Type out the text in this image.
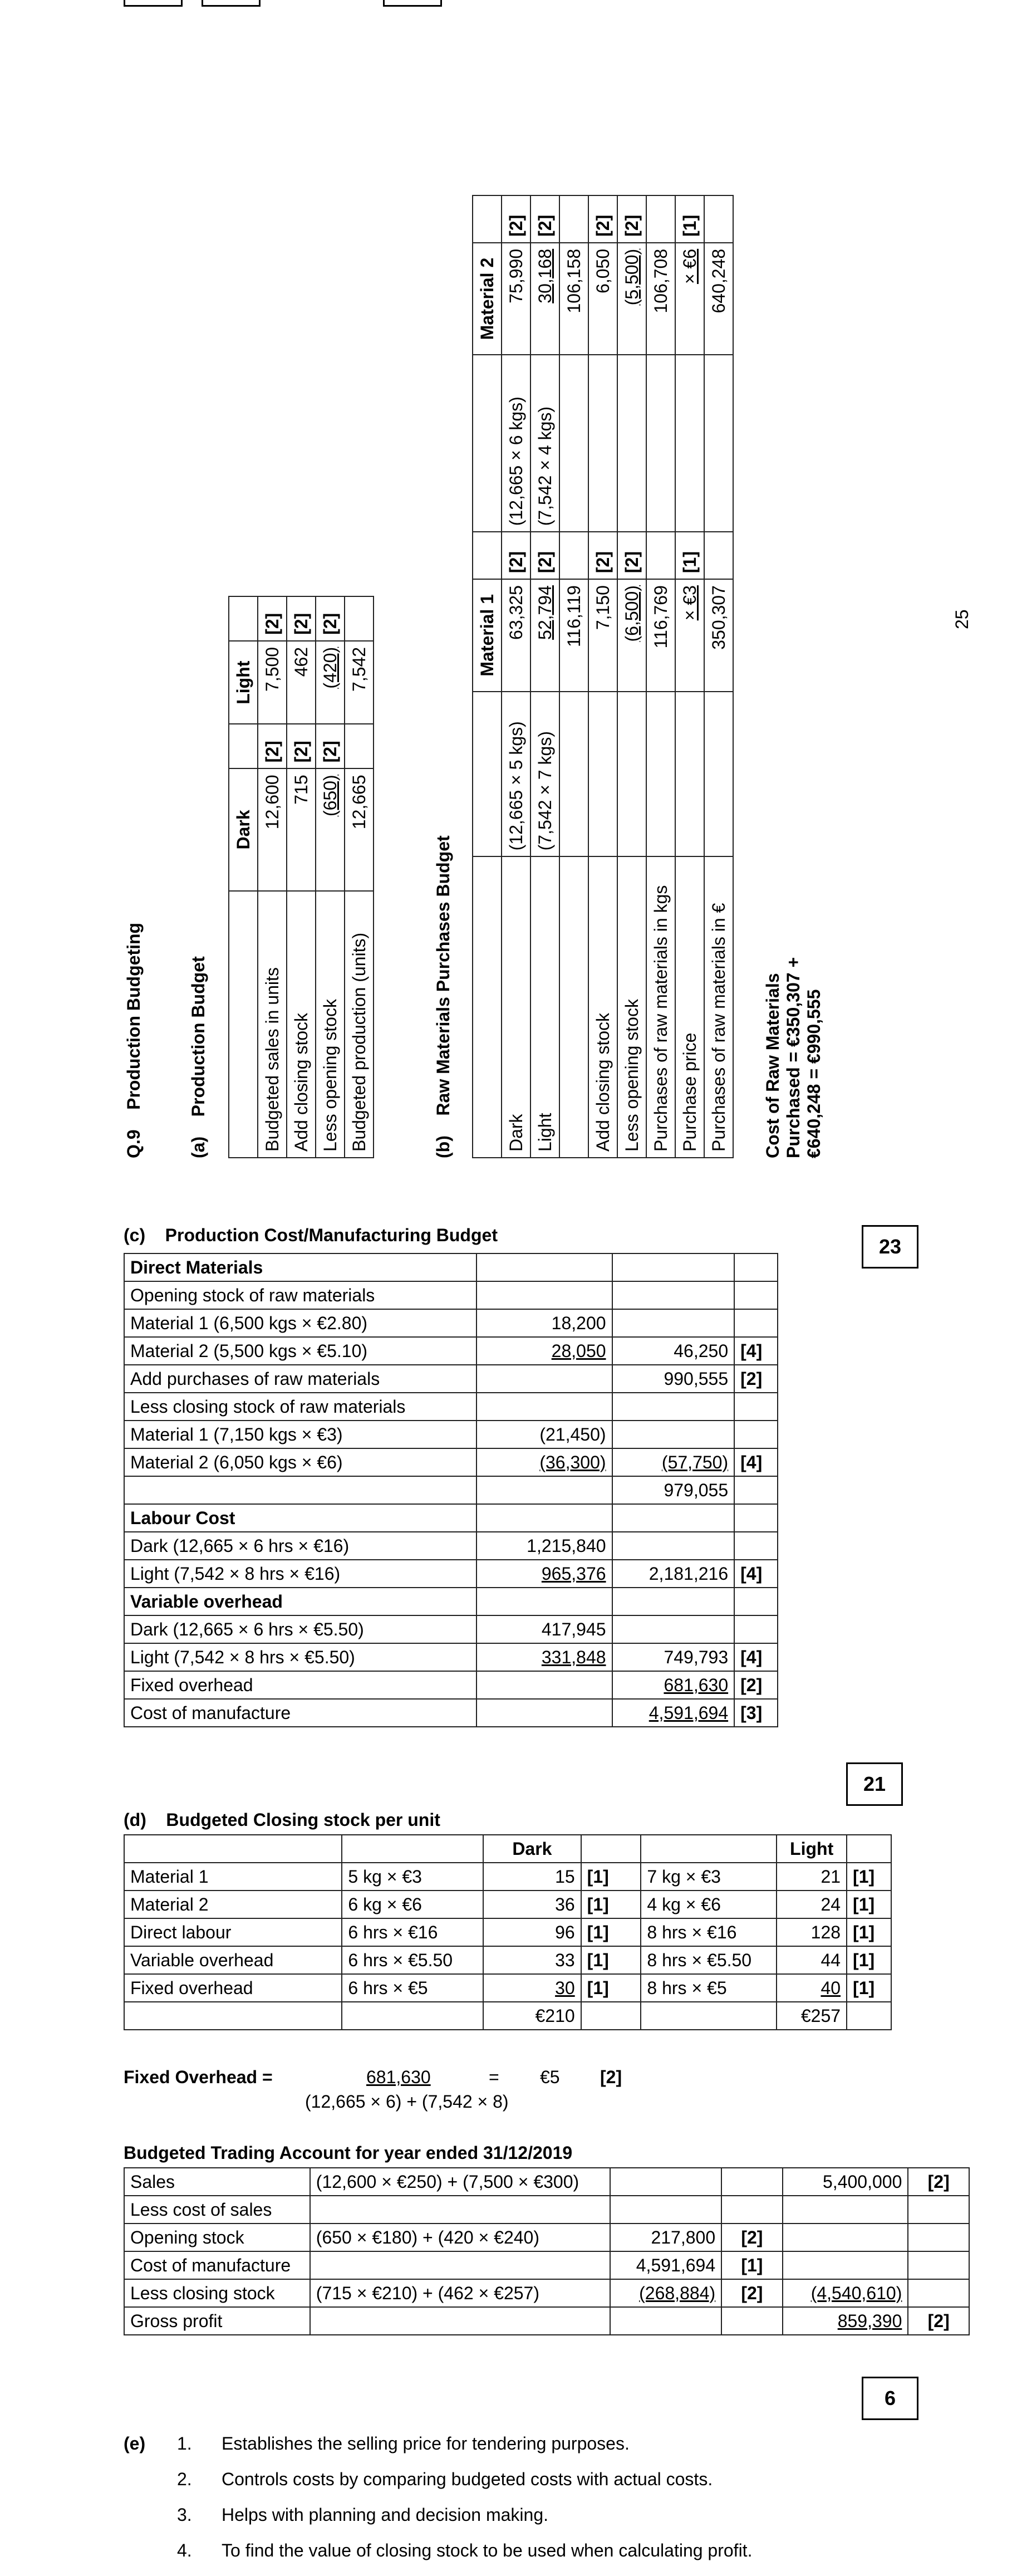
25
Q.9    Production Budgeting
(a)    Production Budget
	Dark		Light	
Budgeted sales in units	12,600	[2]	7,500	[2]
Add closing stock	715	[2]	462	[2]
Less opening stock	(650)	[2]	(420)	[2]
Budgeted production (units)	12,665		7,542	
(b)    Raw Materials Purchases Budget
		Material 1			Material 2	
Dark	(12,665 × 5 kgs)	63,325	[2]	(12,665 × 6 kgs)	75,990	[2]
Light	(7,542 × 7 kgs)	52,794	[2]	(7,542 × 4 kgs)	30,168	[2]
		116,119			106,158	
Add closing stock		7,150	[2]		6,050	[2]
Less opening stock		(6,500)	[2]		(5,500)	[2]
Purchases of raw materials in kgs		116,769			106,708	
Purchase price		× €3	[1]		× €6	[1]
Purchases of raw materials in €		350,307			640,248	
Cost of Raw Materials Purchased = €350,307 + €640,248 = €990,555
(c) Production Cost/Manufacturing Budget	23
Direct Materials			
Opening stock of raw materials			
Material 1 (6,500 kgs × €2.80)	18,200		
Material 2 (5,500 kgs × €5.10)	28,050	46,250	[4]
Add purchases of raw materials		990,555	[2]
Less closing stock of raw materials			
Material 1 (7,150 kgs × €3)	(21,450)		
Material 2 (6,050 kgs × €6)	(36,300)	(57,750)	[4]
		979,055	
Labour Cost			
Dark (12,665 × 6 hrs × €16)	1,215,840		
Light (7,542 × 8 hrs × €16)	965,376	2,181,216	[4]
Variable overhead			
Dark (12,665 × 6 hrs × €5.50)	417,945		
Light (7,542 × 8 hrs × €5.50)	331,848	749,793	[4]
Fixed overhead		681,630	[2]
Cost of manufacture		4,591,694	[3]
21
(d) Budgeted Closing stock per unit
		Dark			Light	
Material 1	5 kg × €3	15	[1]	7 kg × €3	21	[1]
Material 2	6 kg × €6	36	[1]	4 kg × €6	24	[1]
Direct labour	6 hrs × €16	96	[1]	8 hrs × €16	128	[1]
Variable overhead	6 hrs × €5.50	33	[1]	8 hrs × €5.50	44	[1]
Fixed overhead	6 hrs × €5	30	[1]	8 hrs × €5	40	[1]
		€210			€257	
Fixed Overhead =	681,630
(12,665 × 6) + (7,542 × 8)
= €5 [2]
Budgeted Trading Account for year ended 31/12/2019
Sales	(12,600 × €250) + (7,500 × €300)			5,400,000	[2]
Less cost of sales					
Opening stock	(650 × €180) + (420 × €240)	217,800	[2]		
Cost of manufacture		4,591,694	[1]		
Less closing stock	(715 × €210) + (462 × €257)	(268,884)	[2]	(4,540,610)	
Gross profit				859,390	[2]
6
(e) 1. Establishes the selling price for tendering purposes.
2. Controls costs by comparing budgeted costs with actual costs.
3. Helps with planning and decision making.
4. To find the value of closing stock to be used when calculating profit.
